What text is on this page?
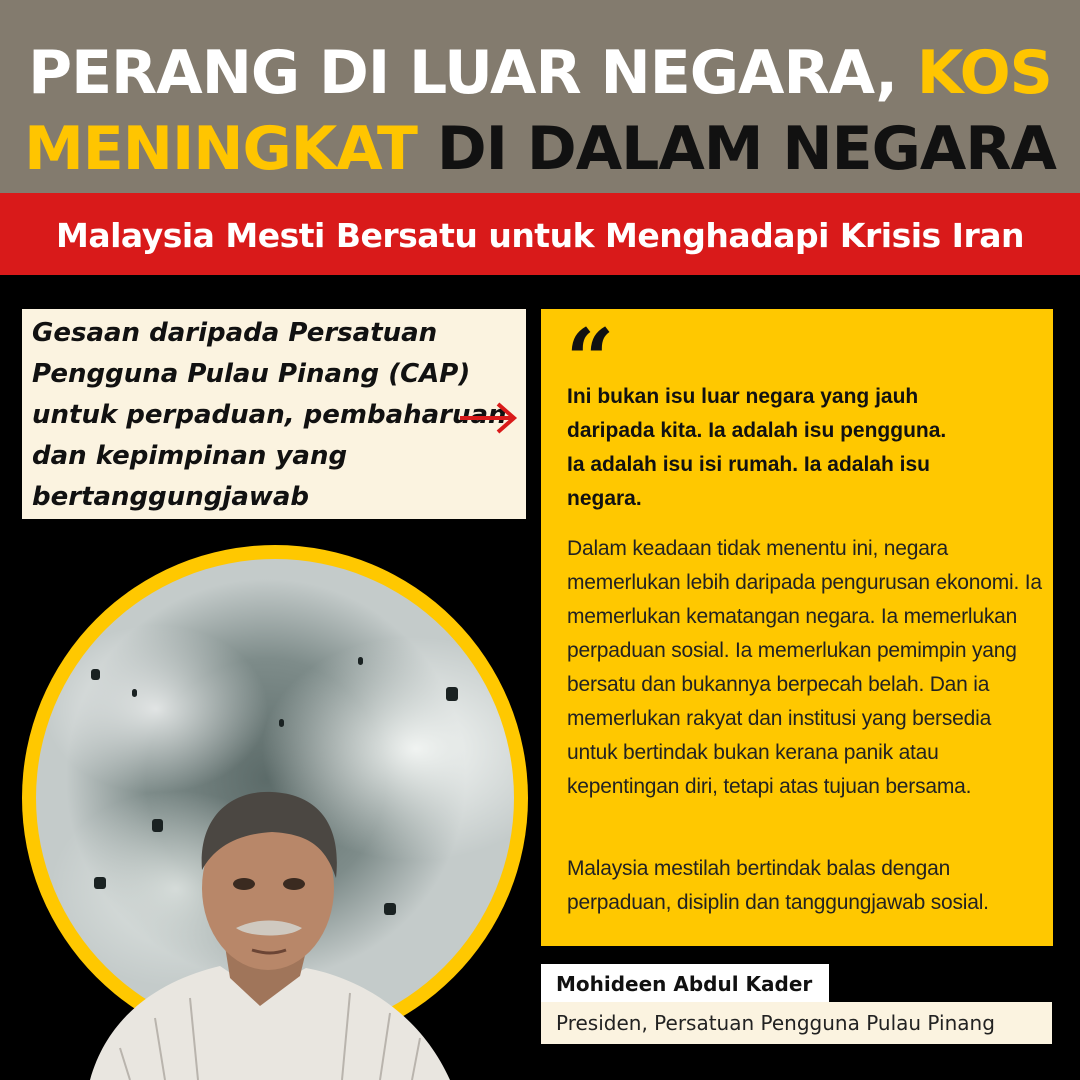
PERANG DI LUAR NEGARA, KOS
MENINGKAT DI DALAM NEGARA
Malaysia Mesti Bersatu untuk Menghadapi Krisis Iran
Gesaan daripada Persatuan Pengguna Pulau Pinang (CAP) untuk perpaduan, pembaharuan dan kepimpinan yang bertanggungjawab
“
Ini bukan isu luar negara yang jauh daripada kita. Ia adalah isu pengguna. Ia adalah isu isi rumah. Ia adalah isu negara.
Dalam keadaan tidak menentu ini, negara memerlukan lebih daripada pengurusan ekonomi. Ia memerlukan kematangan negara. Ia memerlukan perpaduan sosial. Ia memerlukan pemimpin yang bersatu dan bukannya berpecah belah. Dan ia memerlukan rakyat dan institusi yang bersedia untuk bertindak bukan kerana panik atau kepentingan diri, tetapi atas tujuan bersama.
Malaysia mestilah bertindak balas dengan perpaduan, disiplin dan tanggungjawab sosial.
Mohideen Abdul Kader
Presiden, Persatuan Pengguna Pulau Pinang
